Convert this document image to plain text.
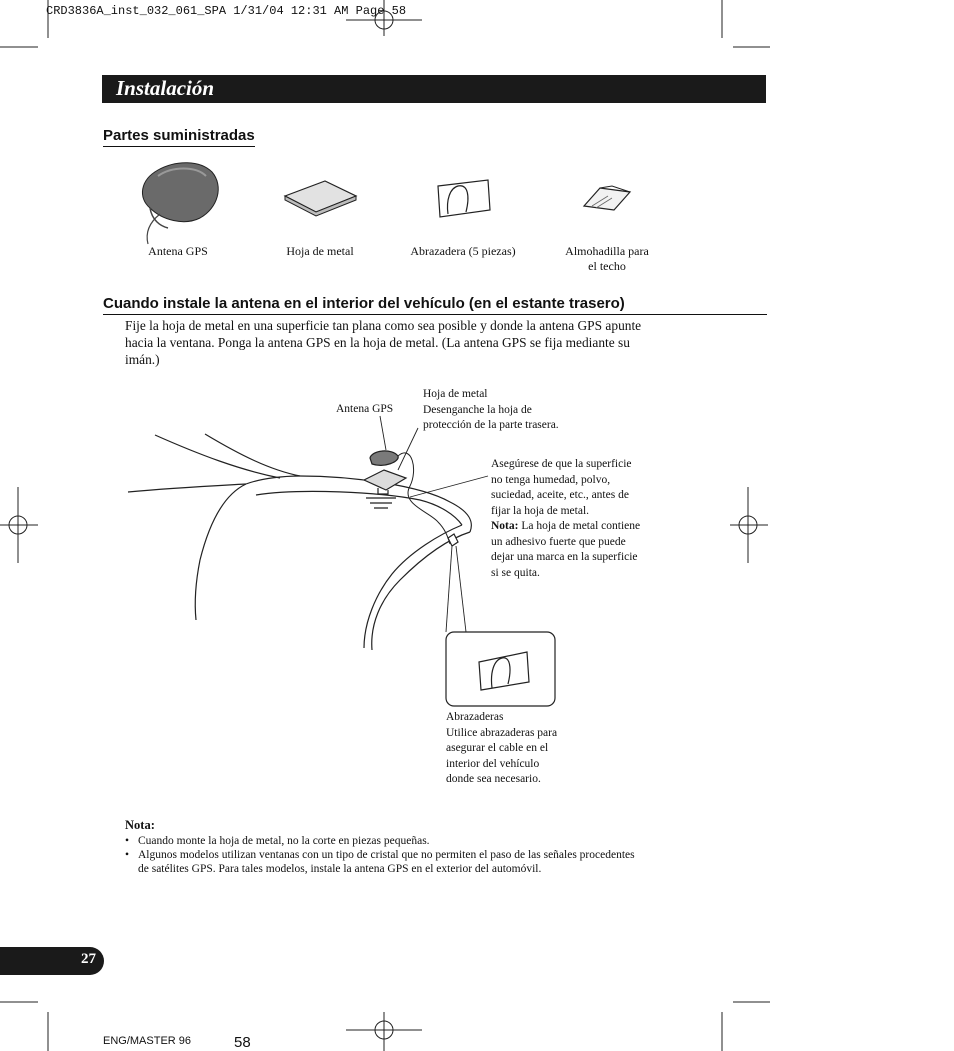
CRD3836A_inst_032_061_SPA 1/31/04 12:31 AM Page 58
Instalación
Partes suministradas
Antena GPS	Hoja de metal	Abrazadera (5 piezas)	Almohadilla para
el techo
Cuando instale la antena en el interior del vehículo (en el estante trasero)
Fije la hoja de metal en una superficie tan plana como sea posible y donde la antena GPS apunte hacia la ventana. Ponga la antena GPS en la hoja de metal. (La antena GPS se fija mediante su imán.)
Antena GPS
Hoja de metal
Desenganche la hoja de
protección de la parte trasera.
Asegúrese de que la superficie
no tenga humedad, polvo,
suciedad, aceite, etc., antes de
fijar la hoja de metal.
Nota: La hoja de metal contiene
un adhesivo fuerte que puede
dejar una marca en la superficie
si se quita.
Abrazaderas
Utilice abrazaderas para
asegurar el cable en el
interior del vehículo
donde sea necesario.
Nota:
• Cuando monte la hoja de metal, no la corte en piezas pequeñas.
• Algunos modelos utilizan ventanas con un tipo de cristal que no permiten el paso de las señales procedentes de satélites GPS. Para tales modelos, instale la antena GPS en el exterior del automóvil.
27
ENG/MASTER 96	58
